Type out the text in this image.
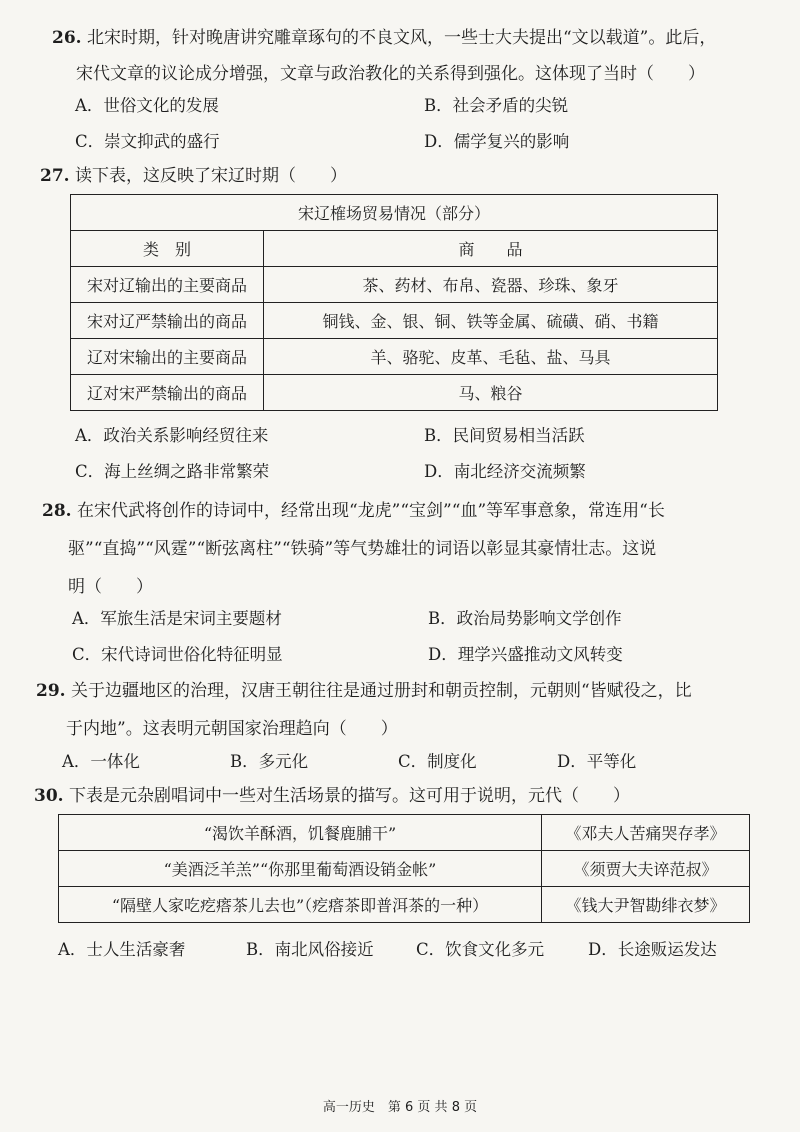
26. 北宋时期，针对晚唐讲究雕章琢句的不良文风，一些士大夫提出“文以载道”。此后，
宋代文章的议论成分增强，文章与政治教化的关系得到强化。这体现了当时（　　）
A．世俗文化的发展	B．社会矛盾的尖锐
C．崇文抑武的盛行	D．儒学复兴的影响
27. 读下表，这反映了宋辽时期（　　）
宋辽榷场贸易情况（部分）	
类　别	商　　品
宋对辽输出的主要商品	茶、药材、布帛、瓷器、珍珠、象牙
宋对辽严禁输出的商品	铜钱、金、银、铜、铁等金属、硫磺、硝、书籍
辽对宋输出的主要商品	羊、骆驼、皮革、毛毡、盐、马具
辽对宋严禁输出的商品	马、粮谷
A．政治关系影响经贸往来	B．民间贸易相当活跃
C．海上丝绸之路非常繁荣	D．南北经济交流频繁
28. 在宋代武将创作的诗词中，经常出现“龙虎”“宝剑”“血”等军事意象，常连用“长
驱”“直捣”“风霆”“断弦离柱”“铁骑”等气势雄壮的词语以彰显其豪情壮志。这说
明（　　）
A．军旅生活是宋词主要题材	B．政治局势影响文学创作
C．宋代诗词世俗化特征明显	D．理学兴盛推动文风转变
29. 关于边疆地区的治理，汉唐王朝往往是通过册封和朝贡控制，元朝则“皆赋役之，比
于内地”。这表明元朝国家治理趋向（　　）
A．一体化	B．多元化	C．制度化	D．平等化
30. 下表是元杂剧唱词中一些对生活场景的描写。这可用于说明，元代（　　）
“渴饮羊酥酒，饥餐鹿脯干”	《邓夫人苦痛哭存孝》
“美酒泛羊羔”“你那里葡萄酒设销金帐”	《须贾大夫谇范叔》
“隔壁人家吃疙瘩茶儿去也”（疙瘩茶即普洱茶的一种）	《钱大尹智勘绯衣梦》
A．士人生活豪奢	B．南北风俗接近	C．饮食文化多元	D．长途贩运发达
高一历史　第 6 页 共 8 页
